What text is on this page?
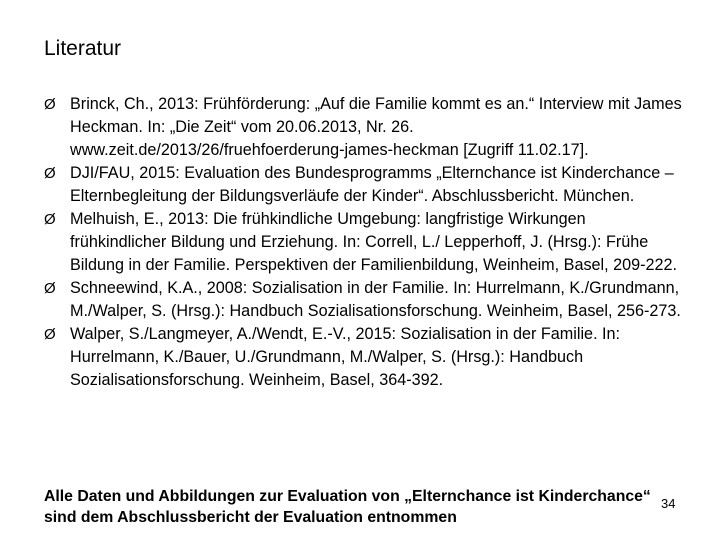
Literatur
Ø Brinck, Ch., 2013: Frühförderung: „Auf die Familie kommt es an.“ Interview mit James Heckman. In: „Die Zeit“ vom 20.06.2013, Nr. 26. www.zeit.de/2013/26/fruehfoerderung-james-heckman [Zugriff 11.02.17].
Ø DJI/FAU, 2015: Evaluation des Bundesprogramms „Elternchance ist Kinderchance – Elternbegleitung der Bildungsverläufe der Kinder“. Abschlussbericht. München.
Ø Melhuish, E., 2013: Die frühkindliche Umgebung: langfristige Wirkungen frühkindlicher Bildung und Erziehung. In: Correll, L./ Lepperhoff, J. (Hrsg.): Frühe Bildung in der Familie. Perspektiven der Familienbildung, Weinheim, Basel, 209-222.
Ø Schneewind, K.A., 2008: Sozialisation in der Familie. In: Hurrelmann, K./Grundmann, M./Walper, S. (Hrsg.): Handbuch Sozialisationsforschung. Weinheim, Basel, 256-273.
Ø Walper, S./Langmeyer, A./Wendt, E.-V., 2015: Sozialisation in der Familie. In: Hurrelmann, K./Bauer, U./Grundmann, M./Walper, S. (Hrsg.): Handbuch Sozialisationsforschung. Weinheim, Basel, 364-392.

Alle Daten und Abbildungen zur Evaluation von „Elternchance ist Kinderchance“ sind dem Abschlussbericht der Evaluation entnommen

34
